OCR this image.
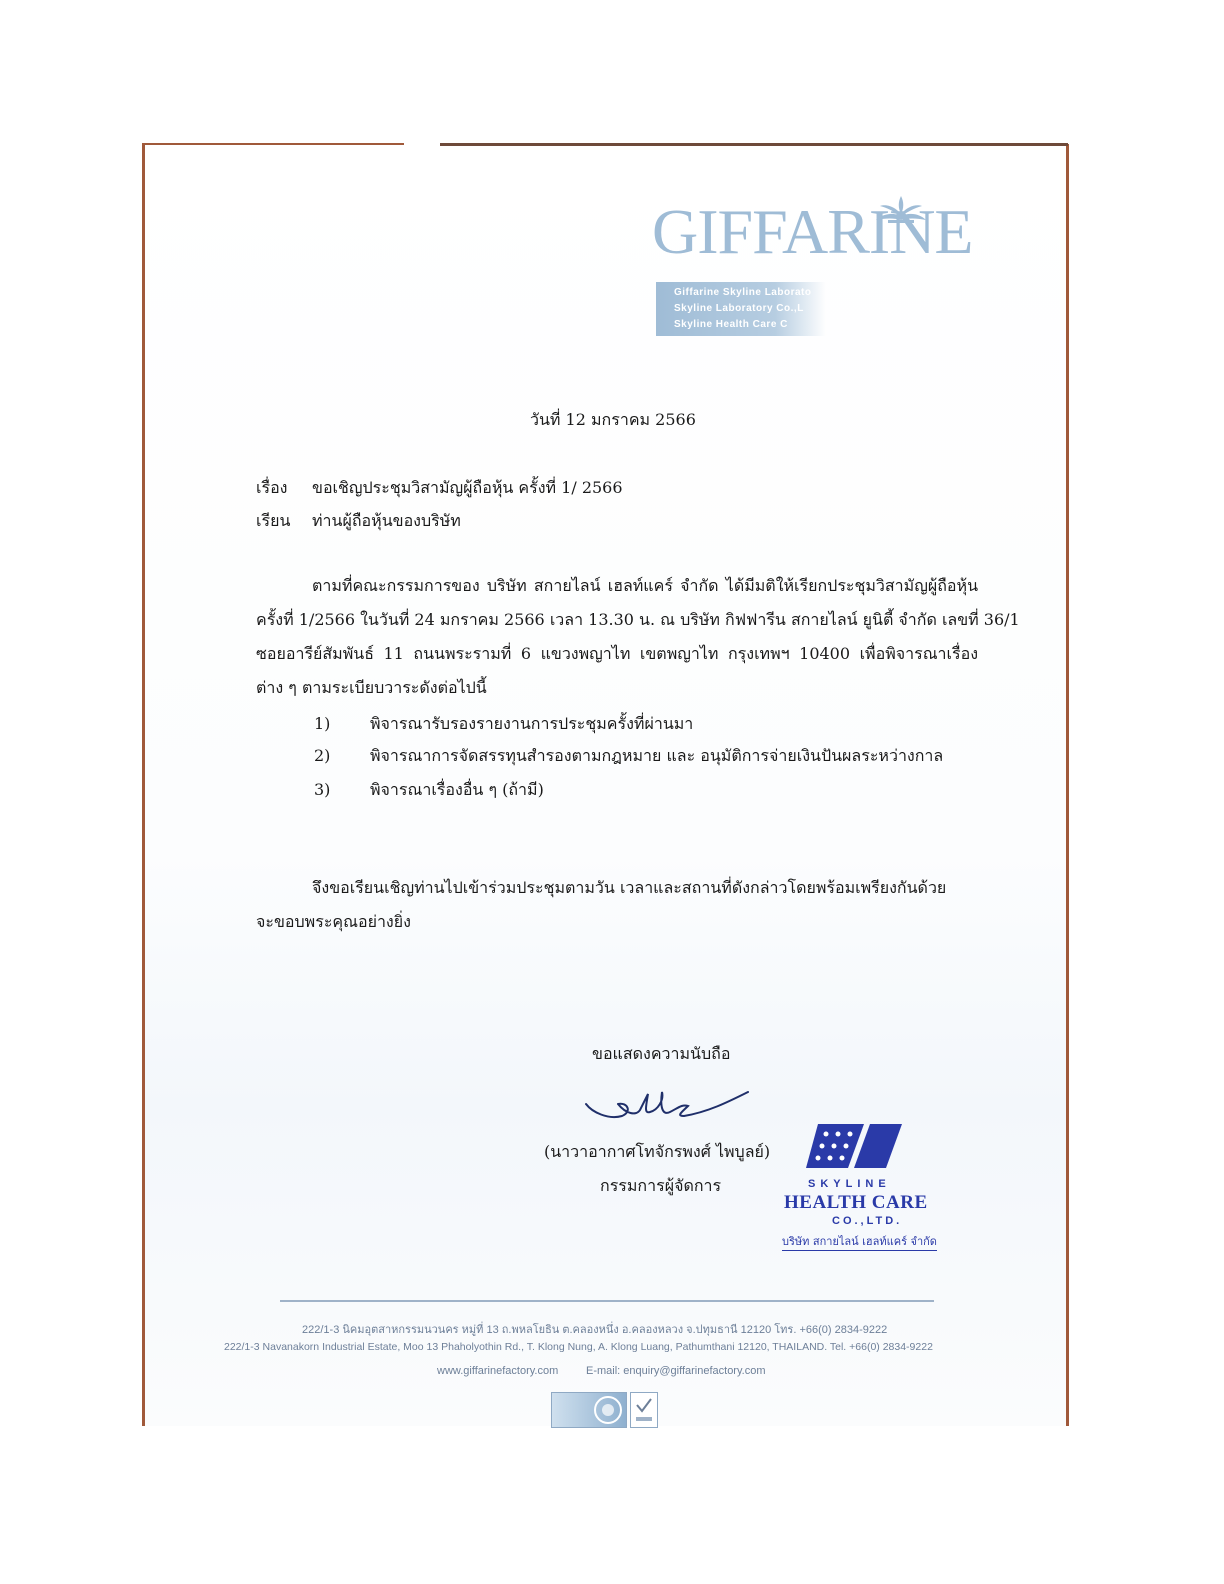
GIFFARINE
Giffarine Skyline Laborato
Skyline Laboratory Co.,L
Skyline Health Care C
วันที่ 12 มกราคม 2566
เรื่อง ขอเชิญประชุมวิสามัญผู้ถือหุ้น ครั้งที่ 1/ 2566
เรียน ท่านผู้ถือหุ้นของบริษัท
ตามที่คณะกรรมการของ บริษัท สกายไลน์ เฮลท์แคร์ จำกัด ได้มีมติให้เรียกประชุมวิสามัญผู้ถือหุ้น
ครั้งที่ 1/2566 ในวันที่ 24 มกราคม 2566 เวลา 13.30 น. ณ บริษัท กิฟฟารีน สกายไลน์ ยูนิตี้ จำกัด เลขที่ 36/1
ซอยอารีย์สัมพันธ์ 11 ถนนพระรามที่ 6 แขวงพญาไท เขตพญาไท กรุงเทพฯ 10400 เพื่อพิจารณาเรื่อง
ต่าง ๆ ตามระเบียบวาระดังต่อไปนี้
1) พิจารณารับรองรายงานการประชุมครั้งที่ผ่านมา
2) พิจารณาการจัดสรรทุนสำรองตามกฎหมาย และ อนุมัติการจ่ายเงินปันผลระหว่างกาล
3) พิจารณาเรื่องอื่น ๆ (ถ้ามี)
จึงขอเรียนเชิญท่านไปเข้าร่วมประชุมตามวัน เวลาและสถานที่ดังกล่าวโดยพร้อมเพรียงกันด้วย
จะขอบพระคุณอย่างยิ่ง
ขอแสดงความนับถือ
(นาวาอากาศโทจักรพงศ์ ไพบูลย์)
กรรมการผู้จัดการ	SKYLINE
HEALTH CARE
CO.,LTD.
บริษัท สกายไลน์ เฮลท์แคร์ จำกัด
222/1-3 นิคมอุตสาหกรรมนวนคร หมู่ที่ 13 ถ.พหลโยธิน ต.คลองหนึ่ง อ.คลองหลวง จ.ปทุมธานี 12120 โทร. +66(0) 2834-9222
222/1-3 Navanakorn Industrial Estate, Moo 13 Phaholyothin Rd., T. Klong Nung, A. Klong Luang, Pathumthani 12120, THAILAND. Tel. +66(0) 2834-9222
www.giffarinefactory.com	E-mail: enquiry@giffarinefactory.com
